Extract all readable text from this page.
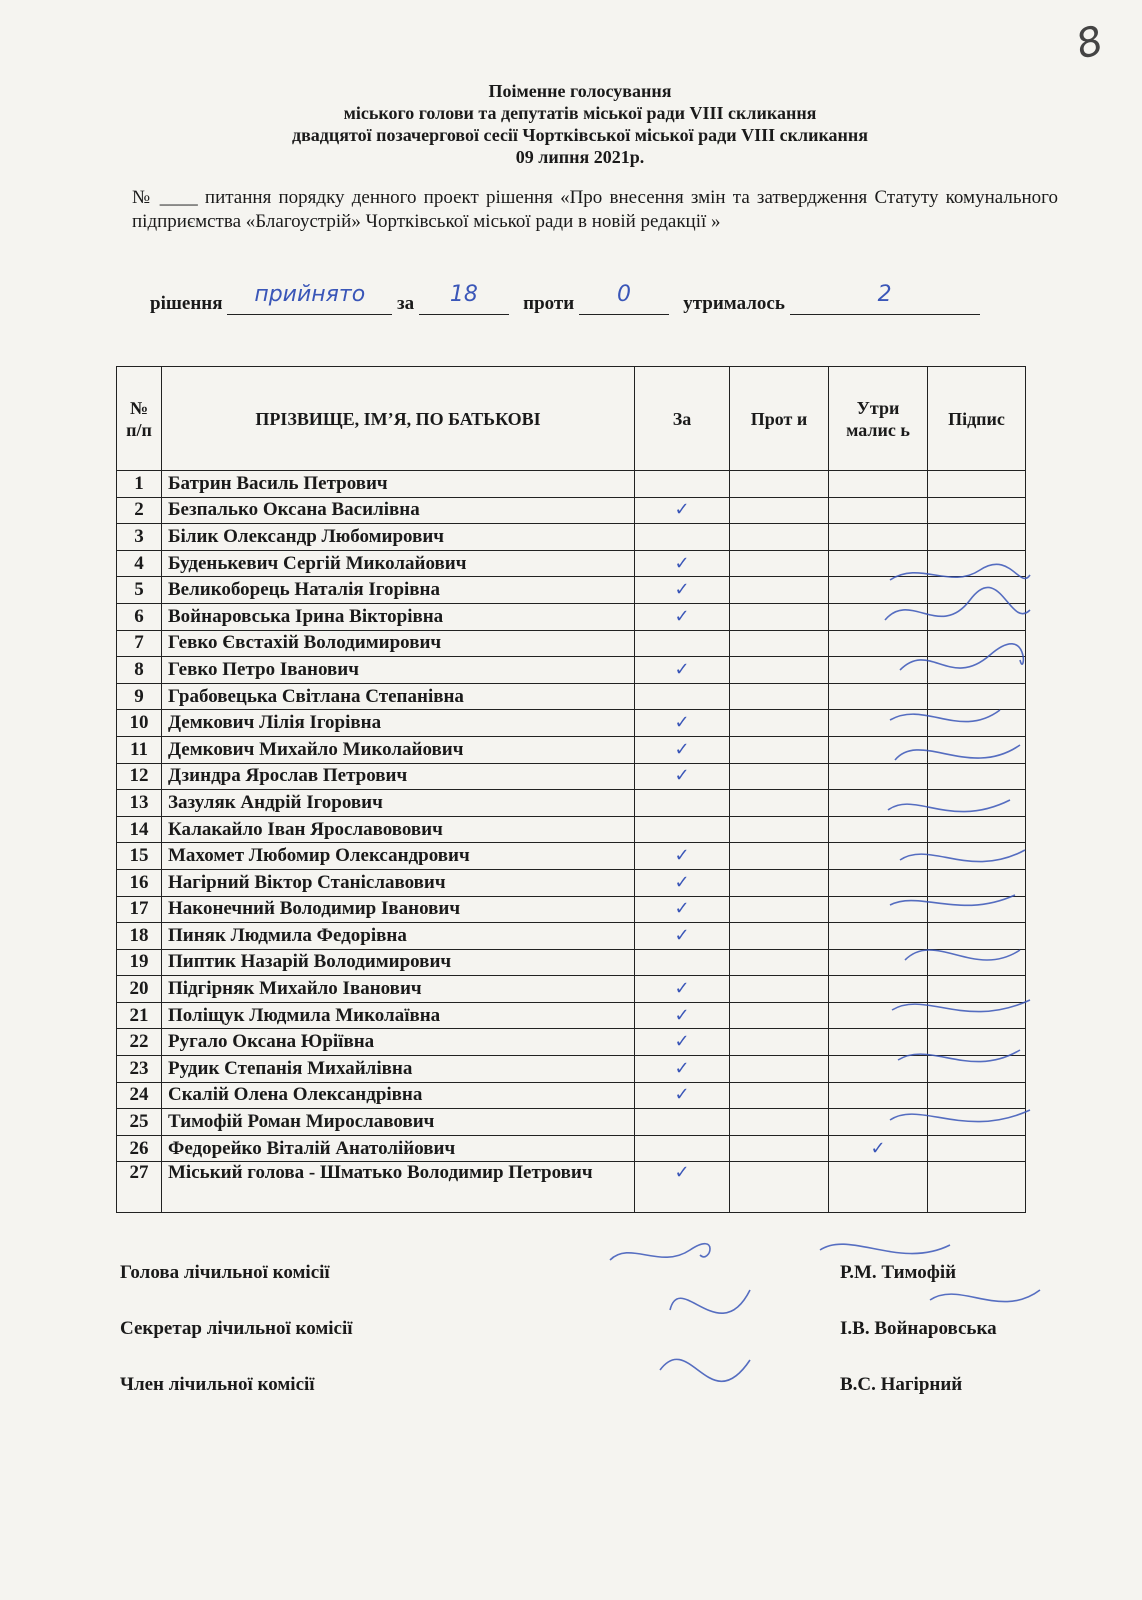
8
Поіменне голосування
міського голови та депутатів міської ради VIII скликання
двадцятої позачергової сесії Чортківської міської ради VIII скликання
09 липня 2021р.
№ ____ питання порядку денного проект рішення «Про внесення змін та затвердження Статуту комунального підприємства «Благоустрій» Чортківської міської ради в новій редакції »
рішення прийнято за 18 проти 0	утрималось	2
№ п/п	ПРІЗВИЩЕ, ІМ’Я, ПО БАТЬКОВІ	За	Прот и	Утри малис ь	Підпис
1	Батрин Василь Петрович				
2	Безпалько Оксана Василівна	✓			
3	Білик Олександр Любомирович				
4	Буденькевич Сергій Миколайович	✓			
5	Великоборець Наталія Ігорівна	✓			
6	Войнаровська Ірина Вікторівна	✓			
7	Гевко Євстахій Володимирович				
8	Гевко Петро Іванович	✓			
9	Грабовецька Світлана Степанівна				
10	Демкович Лілія Ігорівна	✓			
11	Демкович Михайло Миколайович	✓			
12	Дзиндра Ярослав Петрович	✓			
13	Зазуляк Андрій Ігорович				
14	Калакайло Іван Ярославовович				
15	Махомет Любомир Олександрович	✓			
16	Нагірний Віктор Станіславович	✓			
17	Наконечний Володимир Іванович	✓			
18	Пиняк Людмила Федорівна	✓			
19	Пиптик Назарій Володимирович				
20	Підгірняк Михайло Іванович	✓			
21	Поліщук Людмила Миколаївна	✓			
22	Ругало Оксана Юріївна	✓			
23	Рудик Степанія Михайлівна	✓			
24	Скалій Олена Олександрівна	✓			
25	Тимофій Роман Мирославович				
26	Федорейко Віталій Анатолійович			✓	
27	Міський голова - Шматько Володимир Петрович	✓			
Голова лічильної комісії	Р.М. Тимофій
Секретар лічильної комісії	І.В. Войнаровська
Член лічильної комісії	В.С. Нагірний
